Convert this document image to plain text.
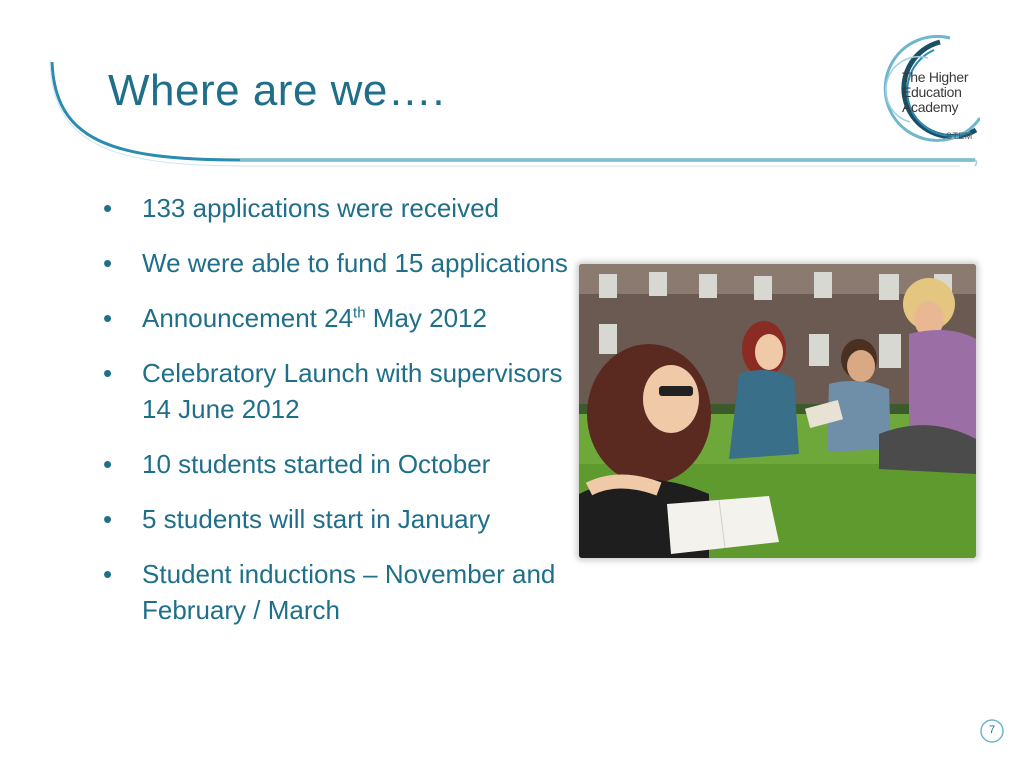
Where are we….	The Higher
Education
Academy
STEM
•	133 applications were received
•	We were able to fund 15 applications
•	Announcement 24th May 2012
•	Celebratory Launch with supervisors 14 June 2012
•	10 students started in October
•	5 students will start in January
•	Student inductions – November and February / March
7
